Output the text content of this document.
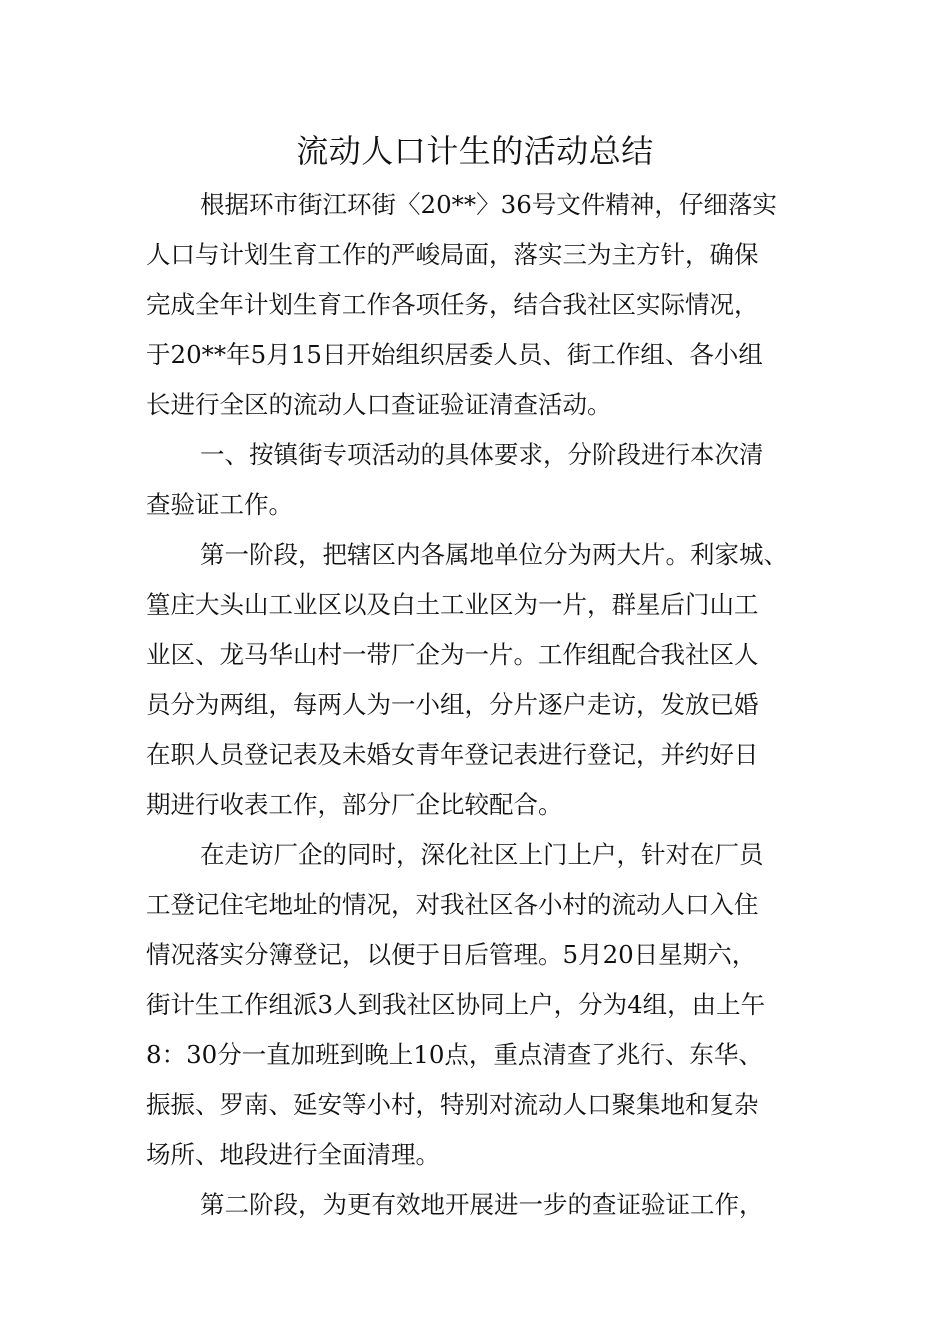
流动人口计生的活动总结

根据环市街江环街〈20**〉36号文件精神，仔细落实

人口与计划生育工作的严峻局面，落实三为主方针，确保

完成全年计划生育工作各项任务，结合我社区实际情况，

于20**年5月15日开始组织居委人员、街工作组、各小组

长进行全区的流动人口查证验证清查活动。

一、按镇街专项活动的具体要求，分阶段进行本次清

查验证工作。

第一阶段，把辖区内各属地单位分为两大片。利家城、

篁庄大头山工业区以及白土工业区为一片，群星后门山工

业区、龙马华山村一带厂企为一片。工作组配合我社区人

员分为两组，每两人为一小组，分片逐户走访，发放已婚

在职人员登记表及未婚女青年登记表进行登记，并约好日

期进行收表工作，部分厂企比较配合。

在走访厂企的同时，深化社区上门上户，针对在厂员

工登记住宅地址的情况，对我社区各小村的流动人口入住

情况落实分簿登记，以便于日后管理。5月20日星期六，

街计生工作组派3人到我社区协同上户，分为4组，由上午

8：30分一直加班到晚上10点，重点清查了兆行、东华、

振振、罗南、延安等小村，特别对流动人口聚集地和复杂

场所、地段进行全面清理。

第二阶段，为更有效地开展进一步的查证验证工作，
